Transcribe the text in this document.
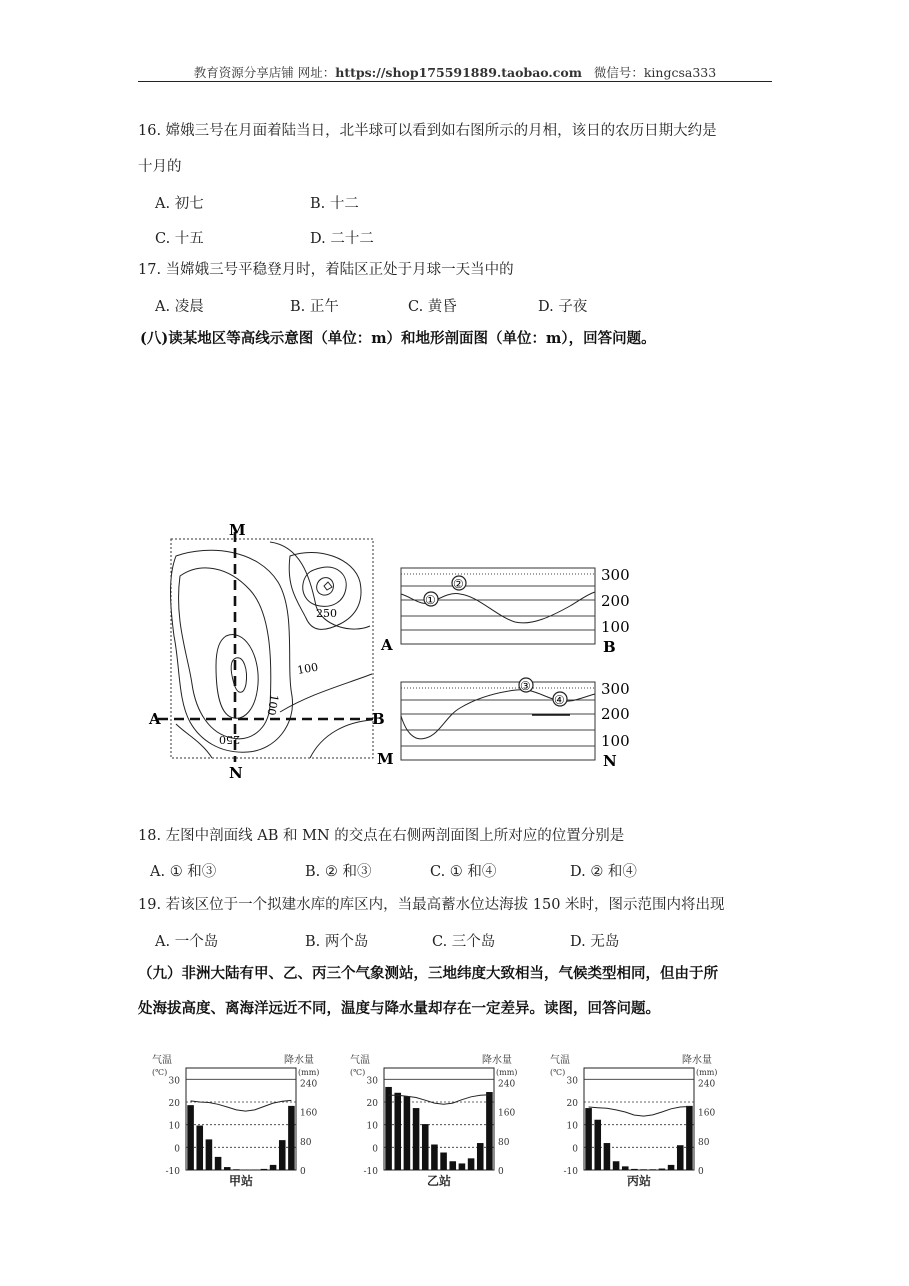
教育资源分享店铺 网址：https://shop175591889.taobao.com 微信号：kingcsa333
16. 嫦娥三号在月面着陆当日，北半球可以看到如右图所示的月相，该日的农历日期大约是
十月的
A. 初七	B. 十二
C. 十五	D. 二十二
17. 当嫦娥三号平稳登月时，着陆区正处于月球一天当中的
A. 凌晨	B. 正午	C. 黄昏	D. 子夜
(八)读某地区等高线示意图（单位：m）和地形剖面图（单位：m），回答问题。
M
N
A	B
250
100
100
250
①
②	300
200
100
A	B
③
④
300
200
100
M	N
18. 左图中剖面线 AB 和 MN 的交点在右侧两剖面图上所对应的位置分别是
A. ① 和③	B. ② 和③	C. ① 和④	D. ② 和④
19. 若该区位于一个拟建水库的库区内，当最高蓄水位达海拔 150 米时，图示范围内将出现
A. 一个岛	B. 两个岛	C. 三个岛	D. 无岛
（九）非洲大陆有甲、乙、丙三个气象测站，三地纬度大致相当，气候类型相同，但由于所
处海拔高度、离海洋远近不同，温度与降水量却存在一定差异。读图，回答问题。
气温
(℃)
降水量
(mm)
30
20
10
0
-10
240
160
80
0
甲站
气温
(℃)
降水量
(mm)
30
20
10
0
-10
240
160
80
0
乙站
气温
(℃)
降水量
(mm)
30
20
10
0
-10
240
160
80
0
丙站
